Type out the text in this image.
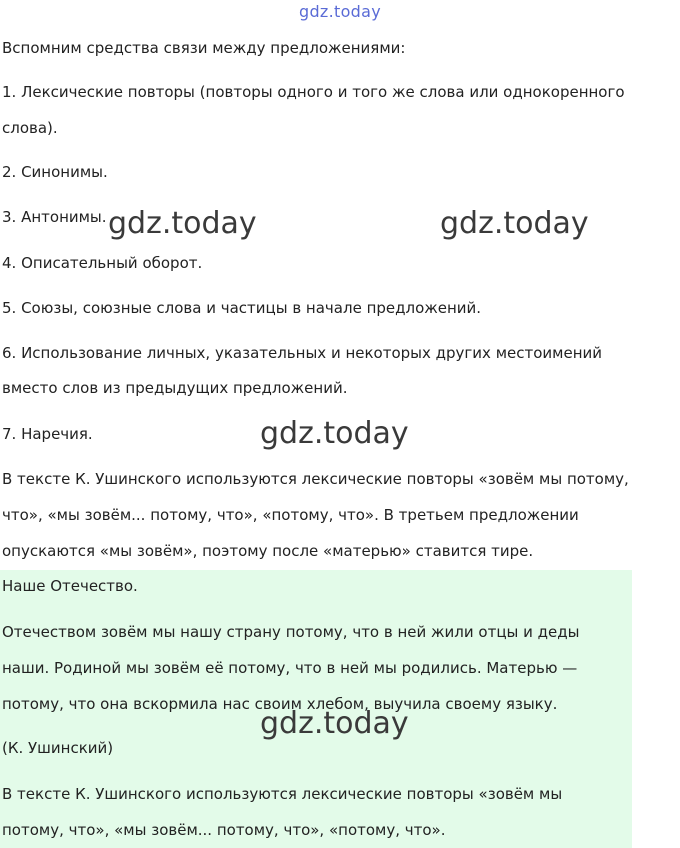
gdz.today

Вспомним средства связи между предложениями:

1. Лексические повторы (повторы одного и того же слова или однокоренного

слова).

2. Синонимы.

3. Антонимы.

4. Описательный оборот.

5. Союзы, союзные слова и частицы в начале предложений.

6. Использование личных, указательных и некоторых других местоимений

вместо слов из предыдущих предложений.

7. Наречия.

В тексте К. Ушинского используются лексические повторы «зовём мы потому,

что», «мы зовём... потому, что», «потому, что». В третьем предложении

опускаются «мы зовём», поэтому после «матерью» ставится тире.

Наше Отечество.

Отечеством зовём мы нашу страну потому, что в ней жили отцы и деды

наши. Родиной мы зовём её потому, что в ней мы родились. Матерью —

потому, что она вскормила нас своим хлебом, выучила своему языку.

(К. Ушинский)

В тексте К. Ушинского используются лексические повторы «зовём мы

потому, что», «мы зовём... потому, что», «потому, что».

gdz.today	gdz.today
gdz.today
gdz.today
